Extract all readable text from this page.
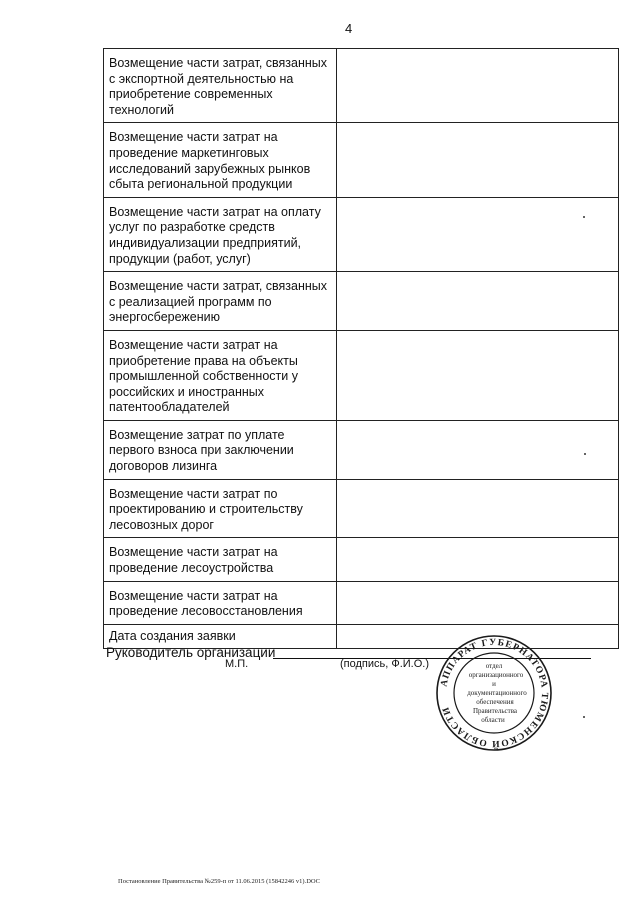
4
Возмещение части затрат, связанных с экспортной деятельностью на приобретение современных технологий	
Возмещение части затрат на проведение маркетинговых исследований зарубежных рынков сбыта региональной продукции	
Возмещение части затрат на оплату услуг по разработке средств индивидуализации предприятий, продукции (работ, услуг)	
Возмещение части затрат, связанных с реализацией программ по энергосбережению	
Возмещение части затрат на приобретение права на объекты промышленной собственности у российских и иностранных патентообладателей	
Возмещение затрат по уплате первого взноса при заключении договоров лизинга	
Возмещение части затрат по проектированию и строительству лесовозных дорог	
Возмещение части затрат на проведение лесоустройства	
Возмещение части затрат на проведение лесовосстановления	
Дата создания заявки	
Руководитель организации
М.П.	(подпись, Ф.И.О.)
АППАРАТ ГУБЕРНАТОРА ТЮМЕНСКОЙ ОБЛАСТИ
отдел
организационного
и
документационного
обеспечения
Правительства
области
Постановление Правительства №259-п от 11.06.2015 (15842246 v1).DOC
